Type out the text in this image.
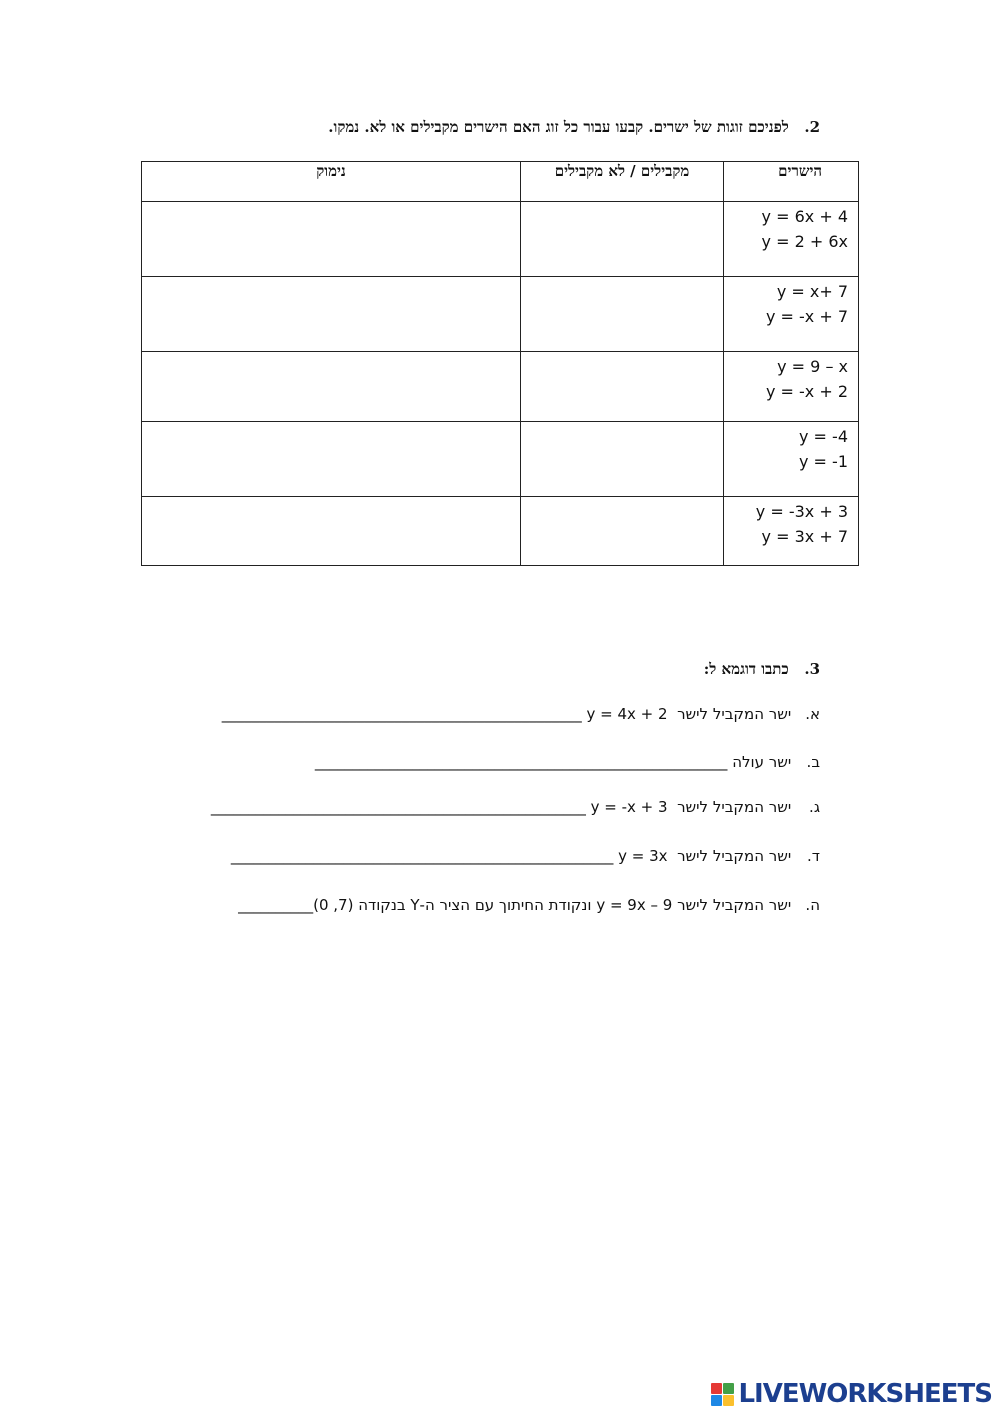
2. לפניכם זוגות של ישרים. קבעו עבור כל זוג האם הישרים מקבילים או לא. נמקו.
הישרים	מקבילים / לא מקבילים	נימוק

y = 6x + 4
y = 2 + 6x		

y = x+ 7
y = -x + 7		

y = 9 – x
y = -x + 2		

y = -4
y = -1		

y = -3x + 3
y = 3x + 7		

3. כתבו דוגמא ל:
א. ישר המקביל לישר  y = 4x + 2 ________________________________________________
ב. ישר עולה _______________________________________________________
ג. ישר המקביל לישר  y = -x + 3 __________________________________________________
ד. ישר המקביל לישר  y = 3x ___________________________________________________
ה. ישר המקביל לישר y = 9x – 9 ונקודת החיתוך עם הציר ה-Y בנקודה (0 ,7)__________
LIVEWORKSHEETS
